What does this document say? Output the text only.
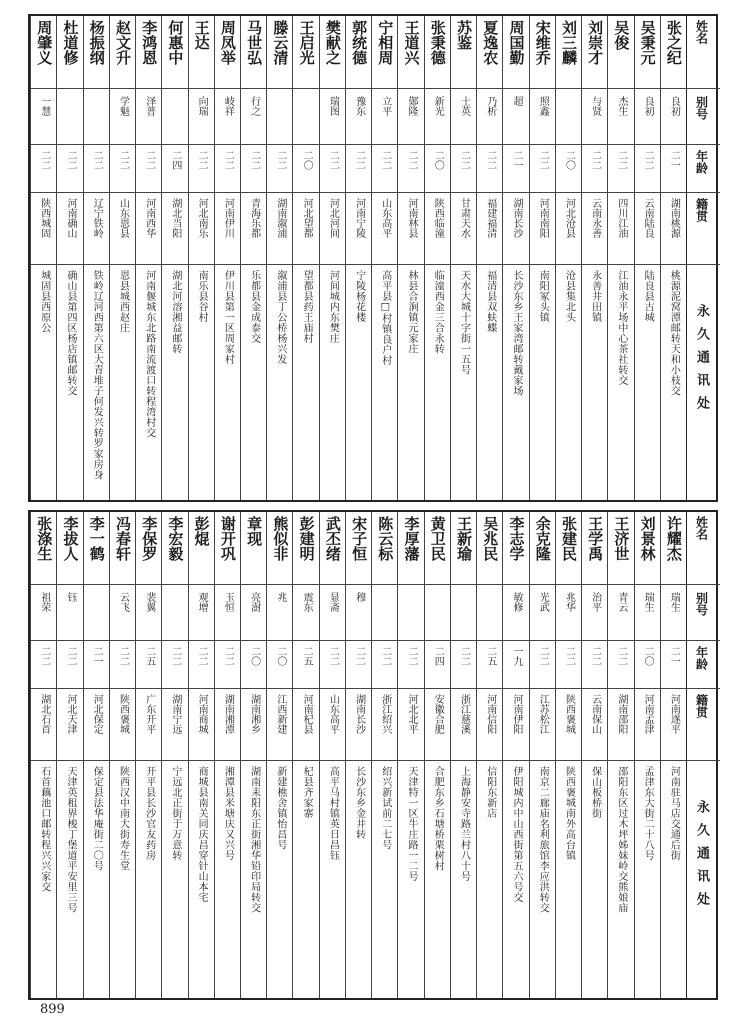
姓名
别号
年龄
籍贯
永久通讯处
张之纪
良初
二一
湖南桃源
桃源泥窝潭邮转天和小枝交
吴秉元
良初
二二
云南陆良
陆良县古城
吴俊
杰生
二二
四川江油
江油永平场中心茶社转交
刘崇才
与贤
二二
云南永善
永善井田镇
刘三麟
二〇
河北沧县
沧县集北头
宋维乔
照鑫
二二
河南南阳
南阳冢头镇
周国勤
超
二一
湖南长沙
长沙东乡王家湾邮转戴家场
夏逸农
乃析
二二
福建福清
福清县双蚨蝶
苏鉴
士英
二二
甘肃天水
天水大城十字街一五号
张秉德
新光
二〇
陕西临潼
临潼西金三合永转
王道兴
鄚隆
二二
河南林县
林县合涧镇元家庄
宁相周
立平
二二
山东高平
高平县□村镇良户村
郭统德
豫东
二二
河南宁陵
宁陵杨花楼
樊献之
瑞图
二二
河北河间
河间城内东樊庄
王启光
二〇
河北望都
望都县药王庙村
滕云清
二二
湖南溆浦
溆浦县丁公桥杨兴发
马世弘
行之
二二
青海乐都
乐都县金成泰交
周凤举
岐祥
二二
河南伊川
伊川县第一区周家村
王达
向瑞
二二
河北南乐
南乐县谷村
何惠中
二四
湖北当阳
湖北河溶湘益邮转
李鸿恩
泽普
二二
河南西华
河南偃城东北路南流渡口转程湾村交
赵文升
学魁
二二
山东恩县
恩县城西赵庄
杨振纲
二二
辽宁铁岭
铁岭辽河西第六区大青堆子何发兴转罗家房身
杜道修
二二
河南确山
确山县第四区杨店镇邮转交
周肇义
一慧
二二
陕西城固
城固县西原公
姓名
别号
年龄
籍贯
永久通讯处
许耀杰
瑞生
二一
河南遂平
河南驻马店交通后街
刘景林
瑞生
二〇
河南孟津
孟津东大街二十八号
王济世
青云
二二
湖南邵阳
邵阳东区过木坪姊妹岭交熊娘庙
王学禹
治平
二二
云南保山
保山板桥街
张建民
兆华
二二
陕西褒城
陕西褒城南外高台镇
余克隆
光武
二二
江苏松江
南京二廊庙名利旅馆李应洪转交
李志学
敏修
一九
河南伊阳
伊阳城内中山西街第五六号交
吴兆民
二五
河南信阳
信阳东新店
王新瑜
二二
浙江慈溪
上海静安寺路兰村八十号
黄卫民
二四
安徽合肥
合肥东乡石塘桥栗树村
李厚藩
二二
河北北平
天津特一区牛庄路一二号
陈云标
二二
浙江绍兴
绍兴新试前二七号
宋子恒
穆
二二
湖南长沙
长沙东乡金井转
武丕绪
显斋
二二
山东高平
高平马村镇英日昌钰
彭建明
震东
二五
河南杞县
杞县齐家寨
熊似非
兆
二〇
江西新建
新建樵舍镇怡昌号
章现
亮澍
二〇
湖南湘乡
湖南耒阳东正街湘华铅印局转交
谢开巩
玉恒
二二
湖南湘潭
湘潭县米塘庆又兴号
彭焜
观增
二二
河南商城
商城县南关同庆昌穿针山本宅
李宏毅
二二
湖南宁远
宁远北正街于万意转
李保罗
裴翼
二五
广东开平
开平县长沙官友药房
冯春轩
云飞
二二
陕西褒城
陕西汉中南大街寿生堂
李一鹤
二一
河北保定
保定县法华庵街二〇号
李拔人
钰
二二
河北天津
天津英租界梭丁堡道平安里三号
张涤生
祖荣
二二
湖北石首
石首藕池口邮转程兴兴家交
899
